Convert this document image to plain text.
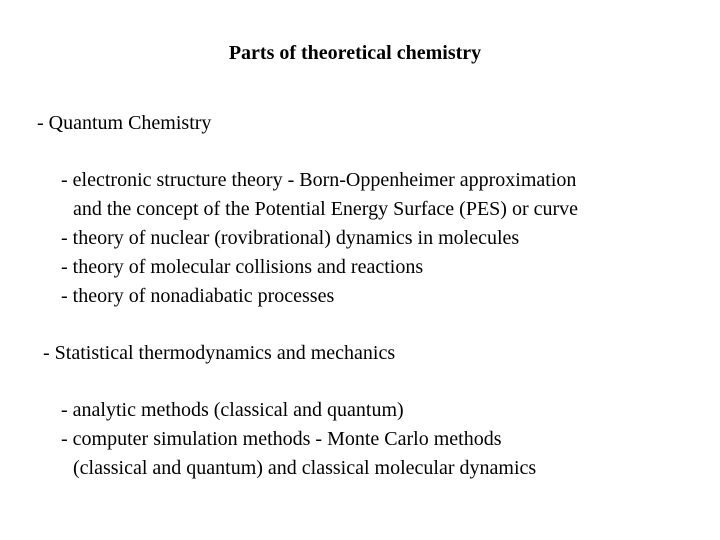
Parts of theoretical chemistry
- Quantum Chemistry
- electronic structure theory - Born-Oppenheimer approximation
and the concept of the Potential Energy Surface (PES) or curve
- theory of nuclear (rovibrational) dynamics in molecules
- theory of molecular collisions and reactions
- theory of nonadiabatic processes
- Statistical thermodynamics and mechanics
- analytic methods (classical and quantum)
- computer simulation methods - Monte Carlo methods
(classical and quantum) and classical molecular dynamics
